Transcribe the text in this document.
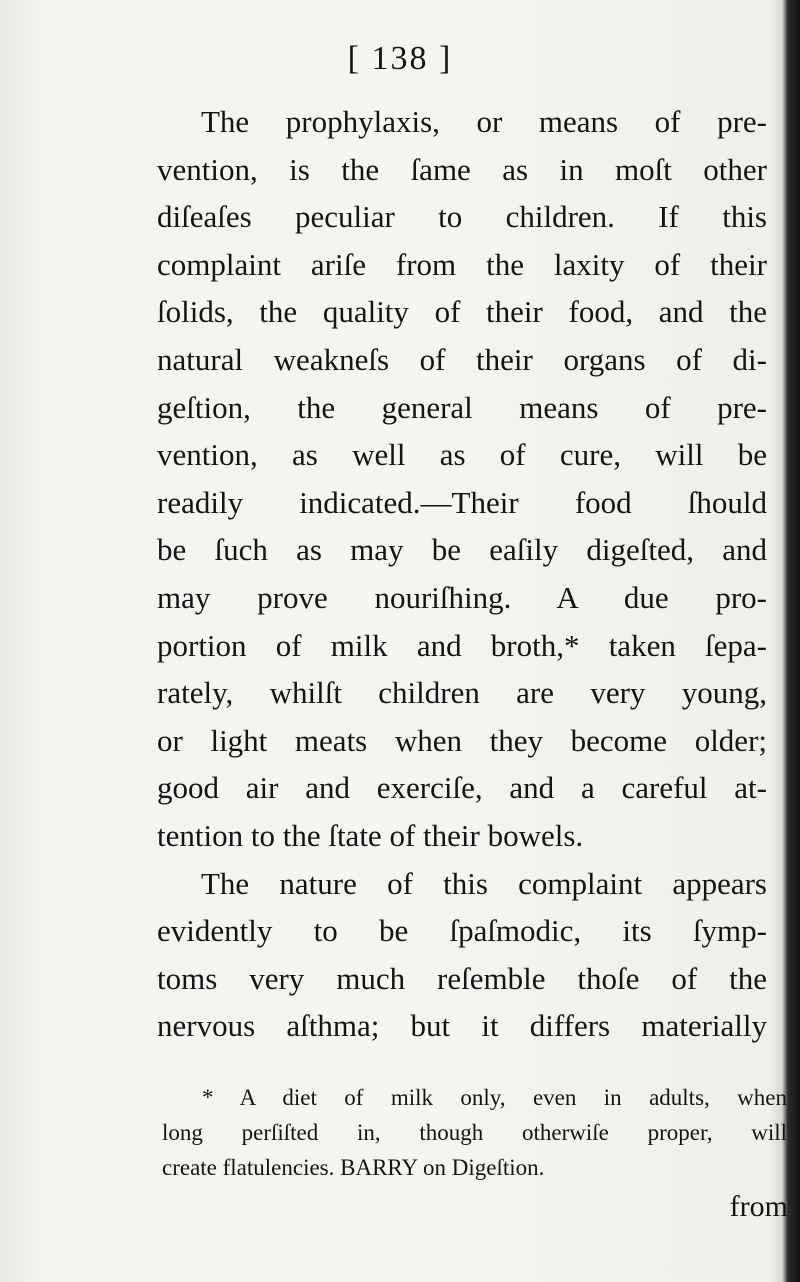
[ 138 ]
The prophylaxis, or means of pre-
vention, is the ſame as in moſt other
diſeaſes peculiar to children. If this
complaint ariſe from the laxity of their
ſolids, the quality of their food, and the
natural weakneſs of their organs of di-
geſtion, the general means of pre-
vention, as well as of cure, will be
readily indicated.—Their food ſhould
be ſuch as may be eaſily digeſted, and
may prove nouriſhing. A due pro-
portion of milk and broth,* taken ſepa-
rately, whilſt children are very young,
or light meats when they become older;
good air and exerciſe, and a careful at-
tention to the ſtate of their bowels.
The nature of this complaint appears
evidently to be ſpaſmodic, its ſymp-
toms very much reſemble thoſe of the
nervous aſthma; but it differs materially
* A diet of milk only, even in adults, when
long perſiſted in, though otherwiſe proper, will
create flatulencies. BARRY on Digeſtion.
from
